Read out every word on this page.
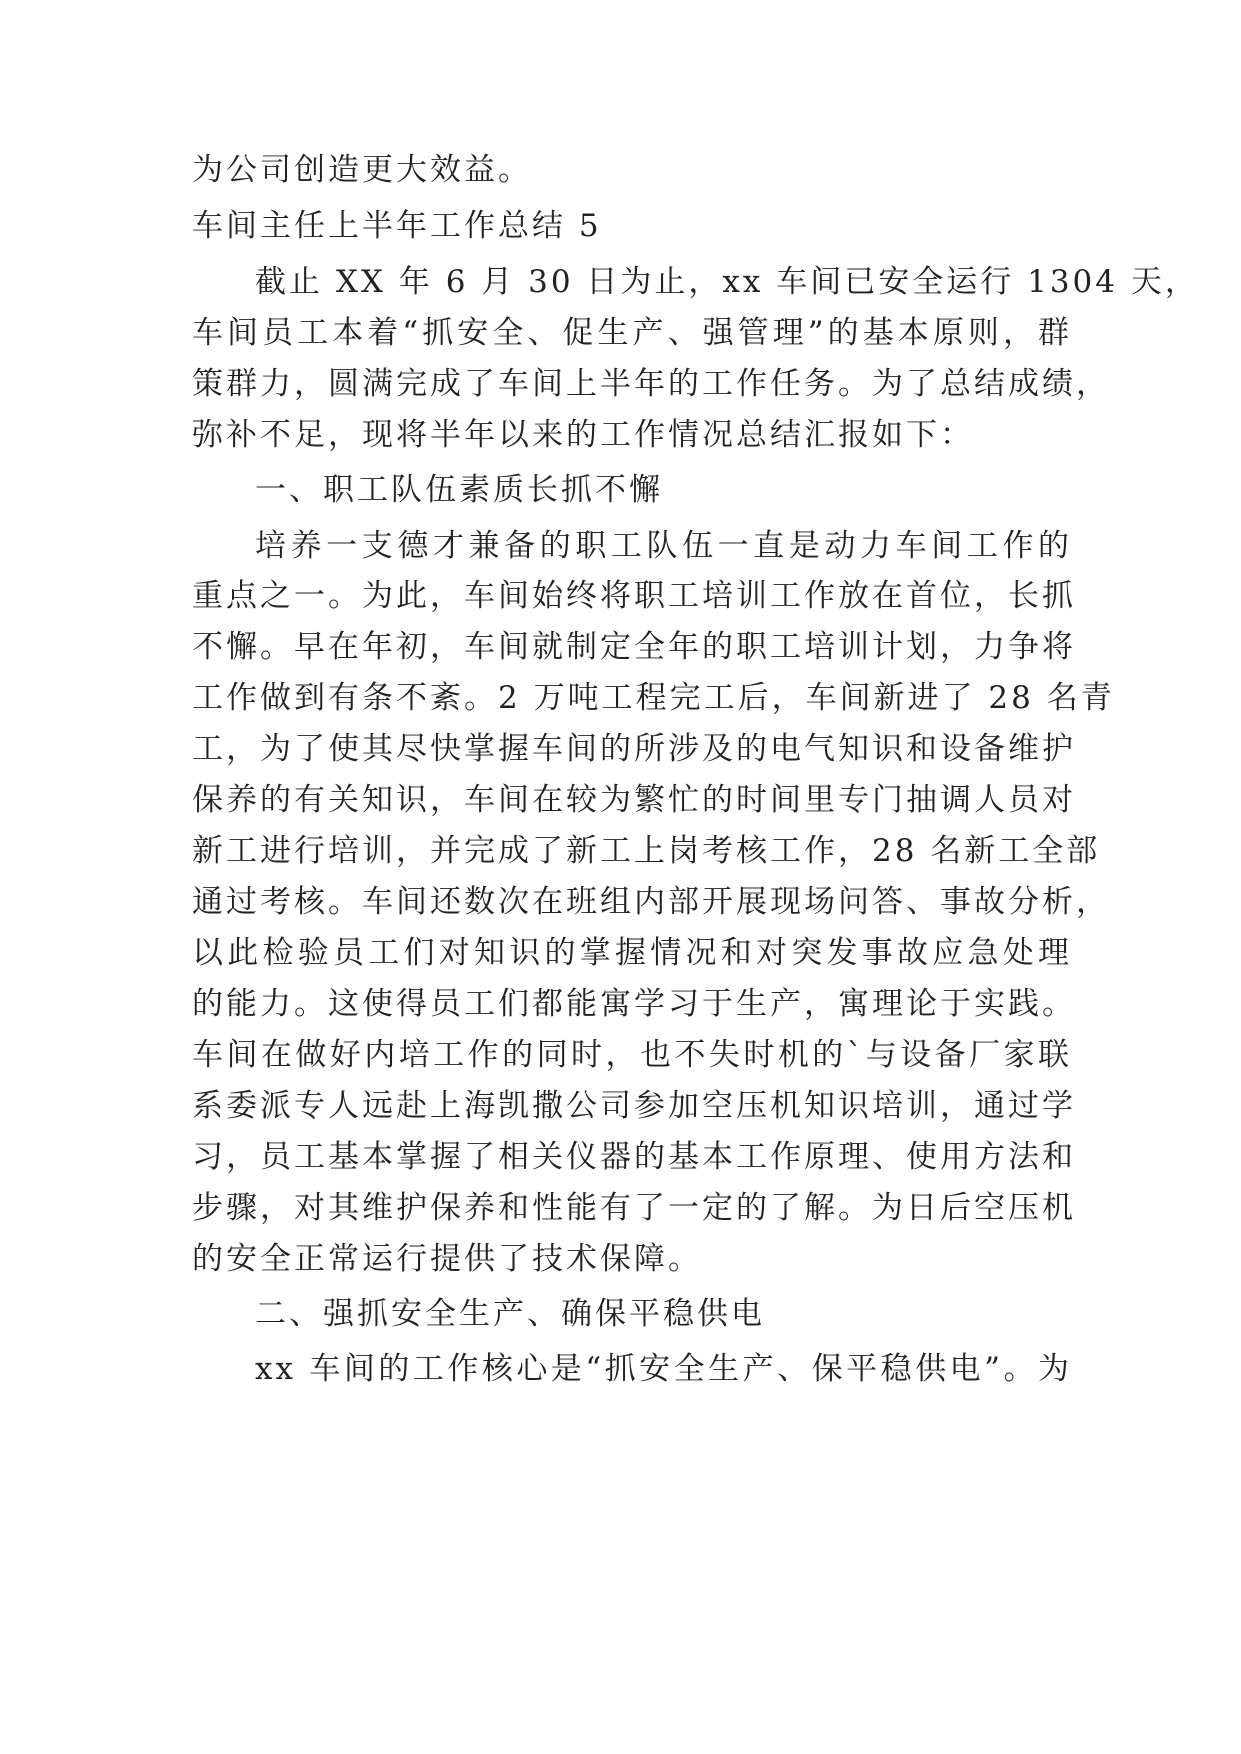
为公司创造更大效益。
车间主任上半年工作总结 5
截止 XX 年 6 月 30 日为止，xx 车间已安全运行 1304 天，
车间员工本着“抓安全、促生产、强管理”的基本原则，群
策群力，圆满完成了车间上半年的工作任务。为了总结成绩，
弥补不足，现将半年以来的工作情况总结汇报如下：
一、职工队伍素质长抓不懈
培养一支德才兼备的职工队伍一直是动力车间工作的
重点之一。为此，车间始终将职工培训工作放在首位，长抓
不懈。早在年初，车间就制定全年的职工培训计划，力争将
工作做到有条不紊。2 万吨工程完工后，车间新进了 28 名青
工，为了使其尽快掌握车间的所涉及的电气知识和设备维护
保养的有关知识，车间在较为繁忙的时间里专门抽调人员对
新工进行培训，并完成了新工上岗考核工作，28 名新工全部
通过考核。车间还数次在班组内部开展现场问答、事故分析，
以此检验员工们对知识的掌握情况和对突发事故应急处理
的能力。这使得员工们都能寓学习于生产，寓理论于实践。
车间在做好内培工作的同时，也不失时机的`与设备厂家联
系委派专人远赴上海凯撒公司参加空压机知识培训，通过学
习，员工基本掌握了相关仪器的基本工作原理、使用方法和
步骤，对其维护保养和性能有了一定的了解。为日后空压机
的安全正常运行提供了技术保障。
二、强抓安全生产、确保平稳供电
xx 车间的工作核心是“抓安全生产、保平稳供电”。为
